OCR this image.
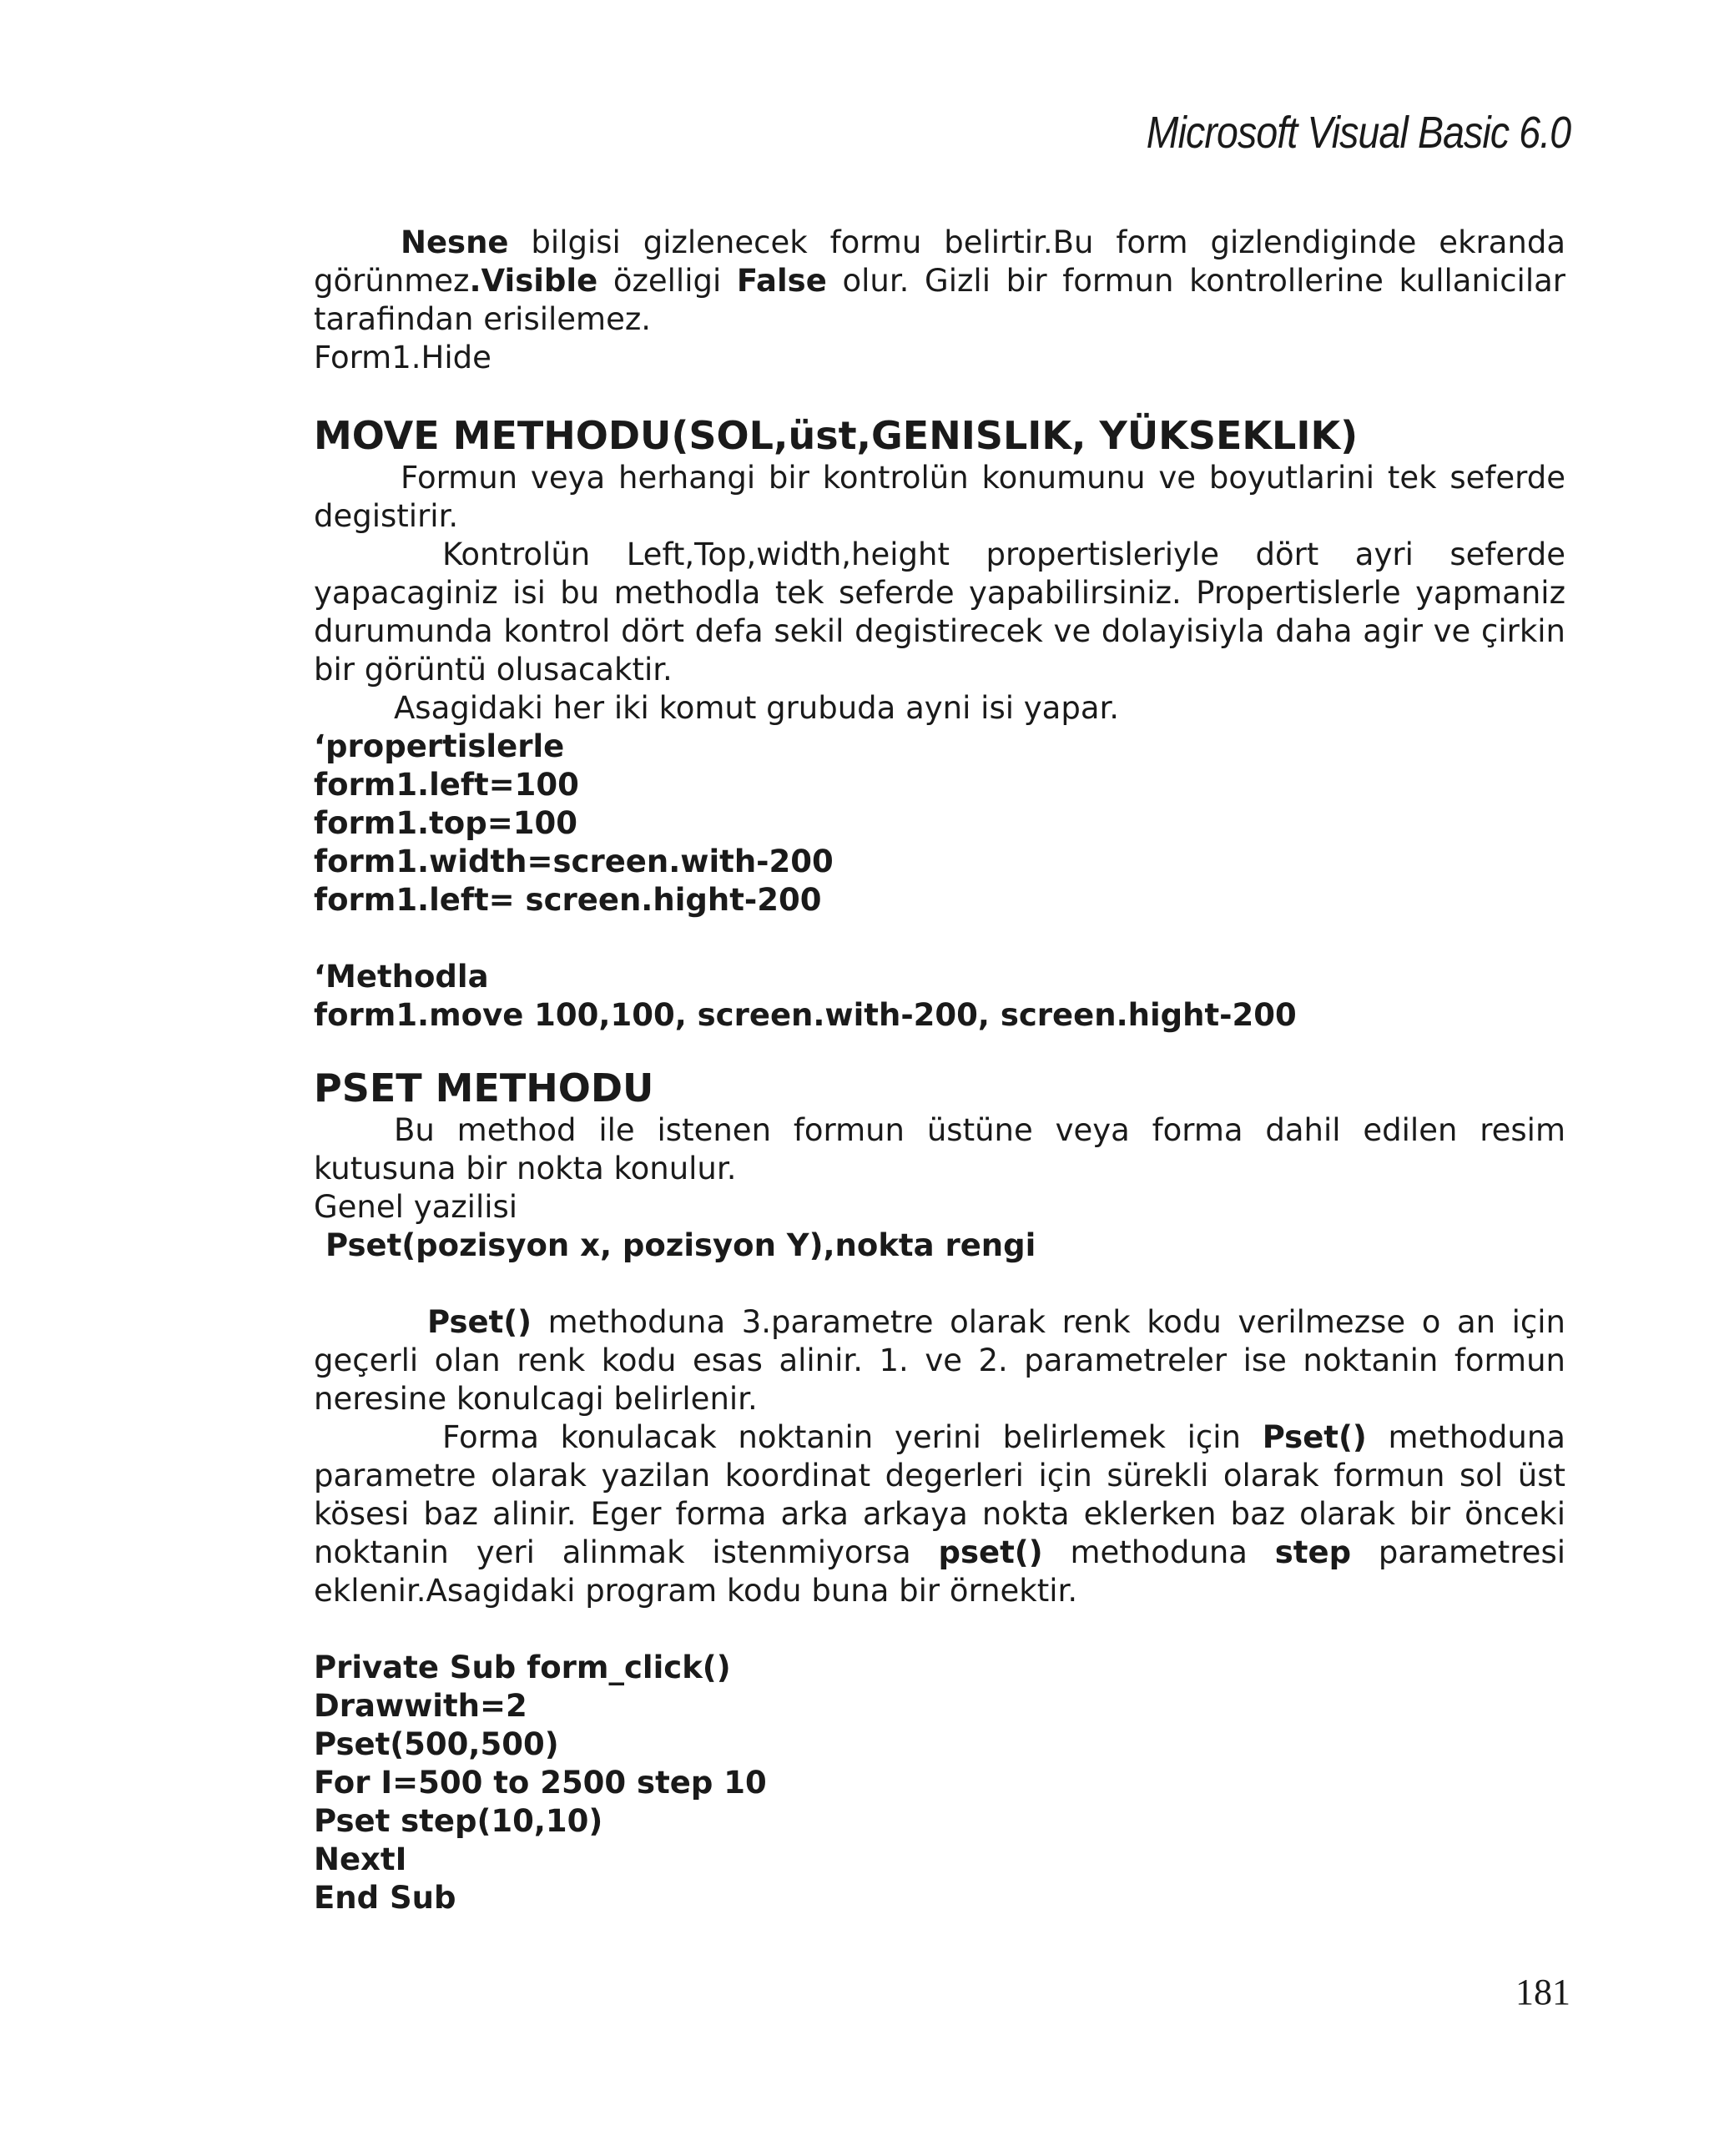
Microsoft Visual Basic 6.0

Nesne bilgisi gizlenecek formu belirtir.Bu form gizlendiginde ekranda görünmez.Visible özelligi False olur. Gizli bir formun kontrollerine kullanicilar tarafindan erisilemez.

Form1.Hide

MOVE METHODU(SOL,üst,GENISLIK, YÜKSEKLIK)

Formun veya herhangi bir kontrolün konumunu ve boyutlarini tek seferde degistirir.

Kontrolün Left,Top,width,height propertisleriyle dört ayri seferde yapacaginiz isi bu methodla tek seferde yapabilirsiniz. Propertislerle yapmaniz durumunda kontrol dört defa sekil degistirecek ve dolayisiyla daha agir ve çirkin bir görüntü olusacaktir.

Asagidaki her iki komut grubuda ayni isi yapar.

‘propertislerle

form1.left=100

form1.top=100

form1.width=screen.with-200

form1.left= screen.hight-200

‘Methodla

form1.move 100,100, screen.with-200, screen.hight-200

PSET METHODU

Bu method ile istenen formun üstüne veya forma dahil edilen resim kutusuna bir nokta konulur.

Genel yazilisi

Pset(pozisyon x, pozisyon Y),nokta rengi

Pset() methoduna 3.parametre olarak renk kodu verilmezse o an için geçerli olan renk kodu esas alinir. 1. ve 2. parametreler ise noktanin formun neresine konulcagi belirlenir.

Forma konulacak noktanin yerini belirlemek için Pset() methoduna parametre olarak yazilan koordinat degerleri için sürekli olarak formun sol üst kösesi baz alinir. Eger forma arka arkaya nokta eklerken baz olarak bir önceki noktanin yeri alinmak istenmiyorsa pset() methoduna step parametresi eklenir.Asagidaki program kodu buna bir örnektir.

Private Sub form_click()

Drawwith=2

Pset(500,500)

For I=500 to 2500 step 10

Pset step(10,10)

NextI

End Sub

181
